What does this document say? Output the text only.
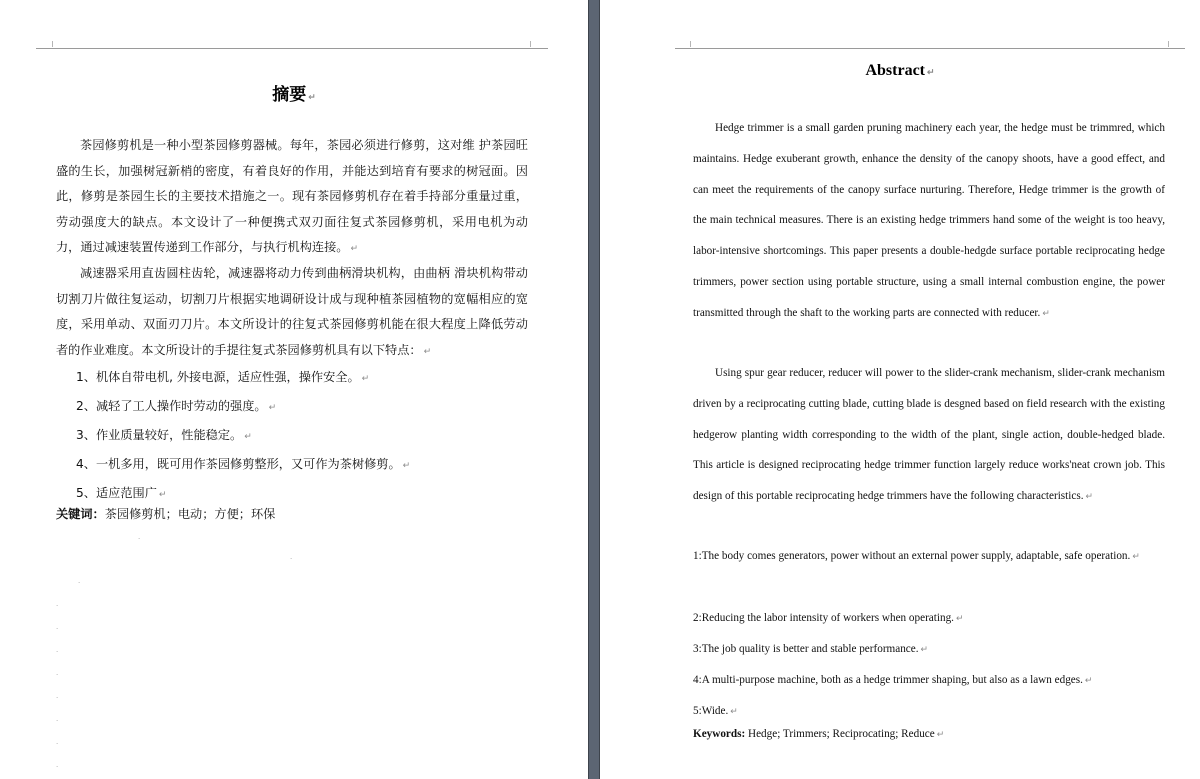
摘要 ↵

茶园修剪机是一种小型茶园修剪器械。每年，茶园必须进行修剪，这对维 护茶园旺盛的生长，加强树冠新梢的密度，有着良好的作用，并能达到培育有要求的树冠面。因此，修剪是茶园生长的主要技术措施之一。现有茶园修剪机存在着手持部分重量过重，劳动强度大的缺点。本文设计了一种便携式双刃面往复式茶园修剪机，采用电机为动力，通过减速装置传递到工作部分，与执行机构连接。 ↵

减速器采用直齿圆柱齿轮，减速器将动力传到曲柄滑块机构，由曲柄 滑块机构带动切割刀片做往复运动，切割刀片根据实地调研设计成与现种植茶园植物的宽幅相应的宽度，采用单动、双面刃刀片。本文所设计的往复式茶园修剪机能在很大程度上降低劳动者的作业难度。本文所设计的手提往复式茶园修剪机具有以下特点： ↵

1、机体自带电机, 外接电源，适应性强，操作安全。 ↵
2、减轻了工人操作时劳动的强度。 ↵
3、作业质量较好，性能稳定。 ↵
4、一机多用，既可用作茶园修剪整形，又可作为茶树修剪。 ↵
5、适应范围广 ↵
关键词：茶园修剪机；电动；方便；环保
.
.
.
.
.
.
.
.
.
.
.
Abstract ↵

Hedge trimmer is a small garden pruning machinery each year, the hedge must be trimmred, which maintains. Hedge exuberant growth, enhance the density of the canopy shoots, have a good effect, and can meet the requirements of the canopy surface nurturing. Therefore, Hedge trimmer is the growth of the main technical measures. There is an existing hedge trimmers hand some of the weight is too heavy, labor-intensive shortcomings. This paper presents a double-hedgde surface portable reciprocating hedge trimmers, power section using portable structure, using a small internal combustion engine, the power transmitted through the shaft to the working parts are connected with reducer. ↵

Using spur gear reducer, reducer will power to the slider-crank mechanism, slider-crank mechanism driven by a reciprocating cutting blade, cutting blade is desgned based on field research with the existing hedgerow planting width corresponding to the width of the plant, single action, double-hedged blade. This article is designed reciprocating hedge trimmer function largely reduce works'neat crown job. This design of this portable reciprocating hedge trimmers have the following characteristics. ↵

1:The body comes generators, power without an external power supply, adaptable, safe operation. ↵
2:Reducing the labor intensity of workers when operating. ↵
3:The job quality is better and stable performance. ↵
4:A multi-purpose machine, both as a hedge trimmer shaping, but also as a lawn edges. ↵
5:Wide. ↵
Keywords: Hedge; Trimmers; Reciprocating; Reduce ↵
